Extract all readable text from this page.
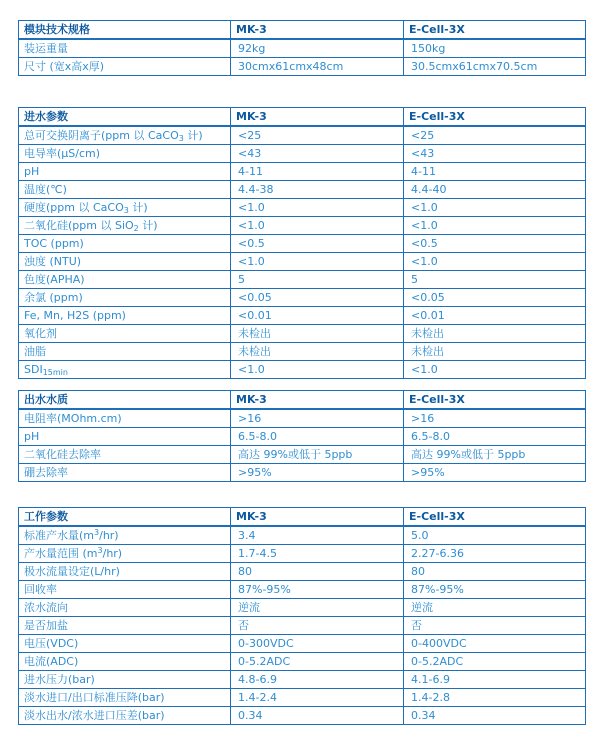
模块技术规格	MK-3	E-Cell-3X
装运重量	92kg	150kg
尺寸 (宽x高x厚)	30cmx61cmx48cm	30.5cmx61cmx70.5cm
进水参数	MK-3	E-Cell-3X
总可交换阴离子(ppm 以 CaCO$_3$ 计)	<25	<25
电导率(μS/cm)	<43	<43
pH	4-11	4-11
温度(℃)	4.4-38	4.4-40
硬度(ppm 以 CaCO$_3$ 计)	<1.0	<1.0
二氧化硅(ppm 以 SiO$_2$ 计)	<1.0	<1.0
TOC (ppm)	<0.5	<0.5
浊度 (NTU)	<1.0	<1.0
色度(APHA)	5	5
余氯 (ppm)	<0.05	<0.05
Fe, Mn, H2S (ppm)	<0.01	<0.01
氧化剂	未检出	未检出
油脂	未检出	未检出
$SDI_{15min}$	<1.0	<1.0
出水水质	MK-3	E-Cell-3X
电阻率(MOhm.cm)	>16	>16
pH	6.5-8.0	6.5-8.0
二氧化硅去除率	高达 99%或低于 5ppb	高达 99%或低于 5ppb
硼去除率	>95%	>95%
工作参数	MK-3	E-Cell-3X
标准产水量$(m^3/hr)$	3.4	5.0
产水量范围 $(m^3/hr)$	1.7-4.5	2.27-6.36
极水流量设定(L/hr)	80	80
回收率	87%-95%	87%-95%
浓水流向	逆流	逆流
是否加盐	否	否
电压(VDC)	0-300VDC	0-400VDC
电流(ADC)	0-5.2ADC	0-5.2ADC
进水压力(bar)	4.8-6.9	4.1-6.9
淡水进口/出口标准压降(bar)	1.4-2.4	1.4-2.8
淡水出水/浓水进口压差(bar)	0.34	0.34
